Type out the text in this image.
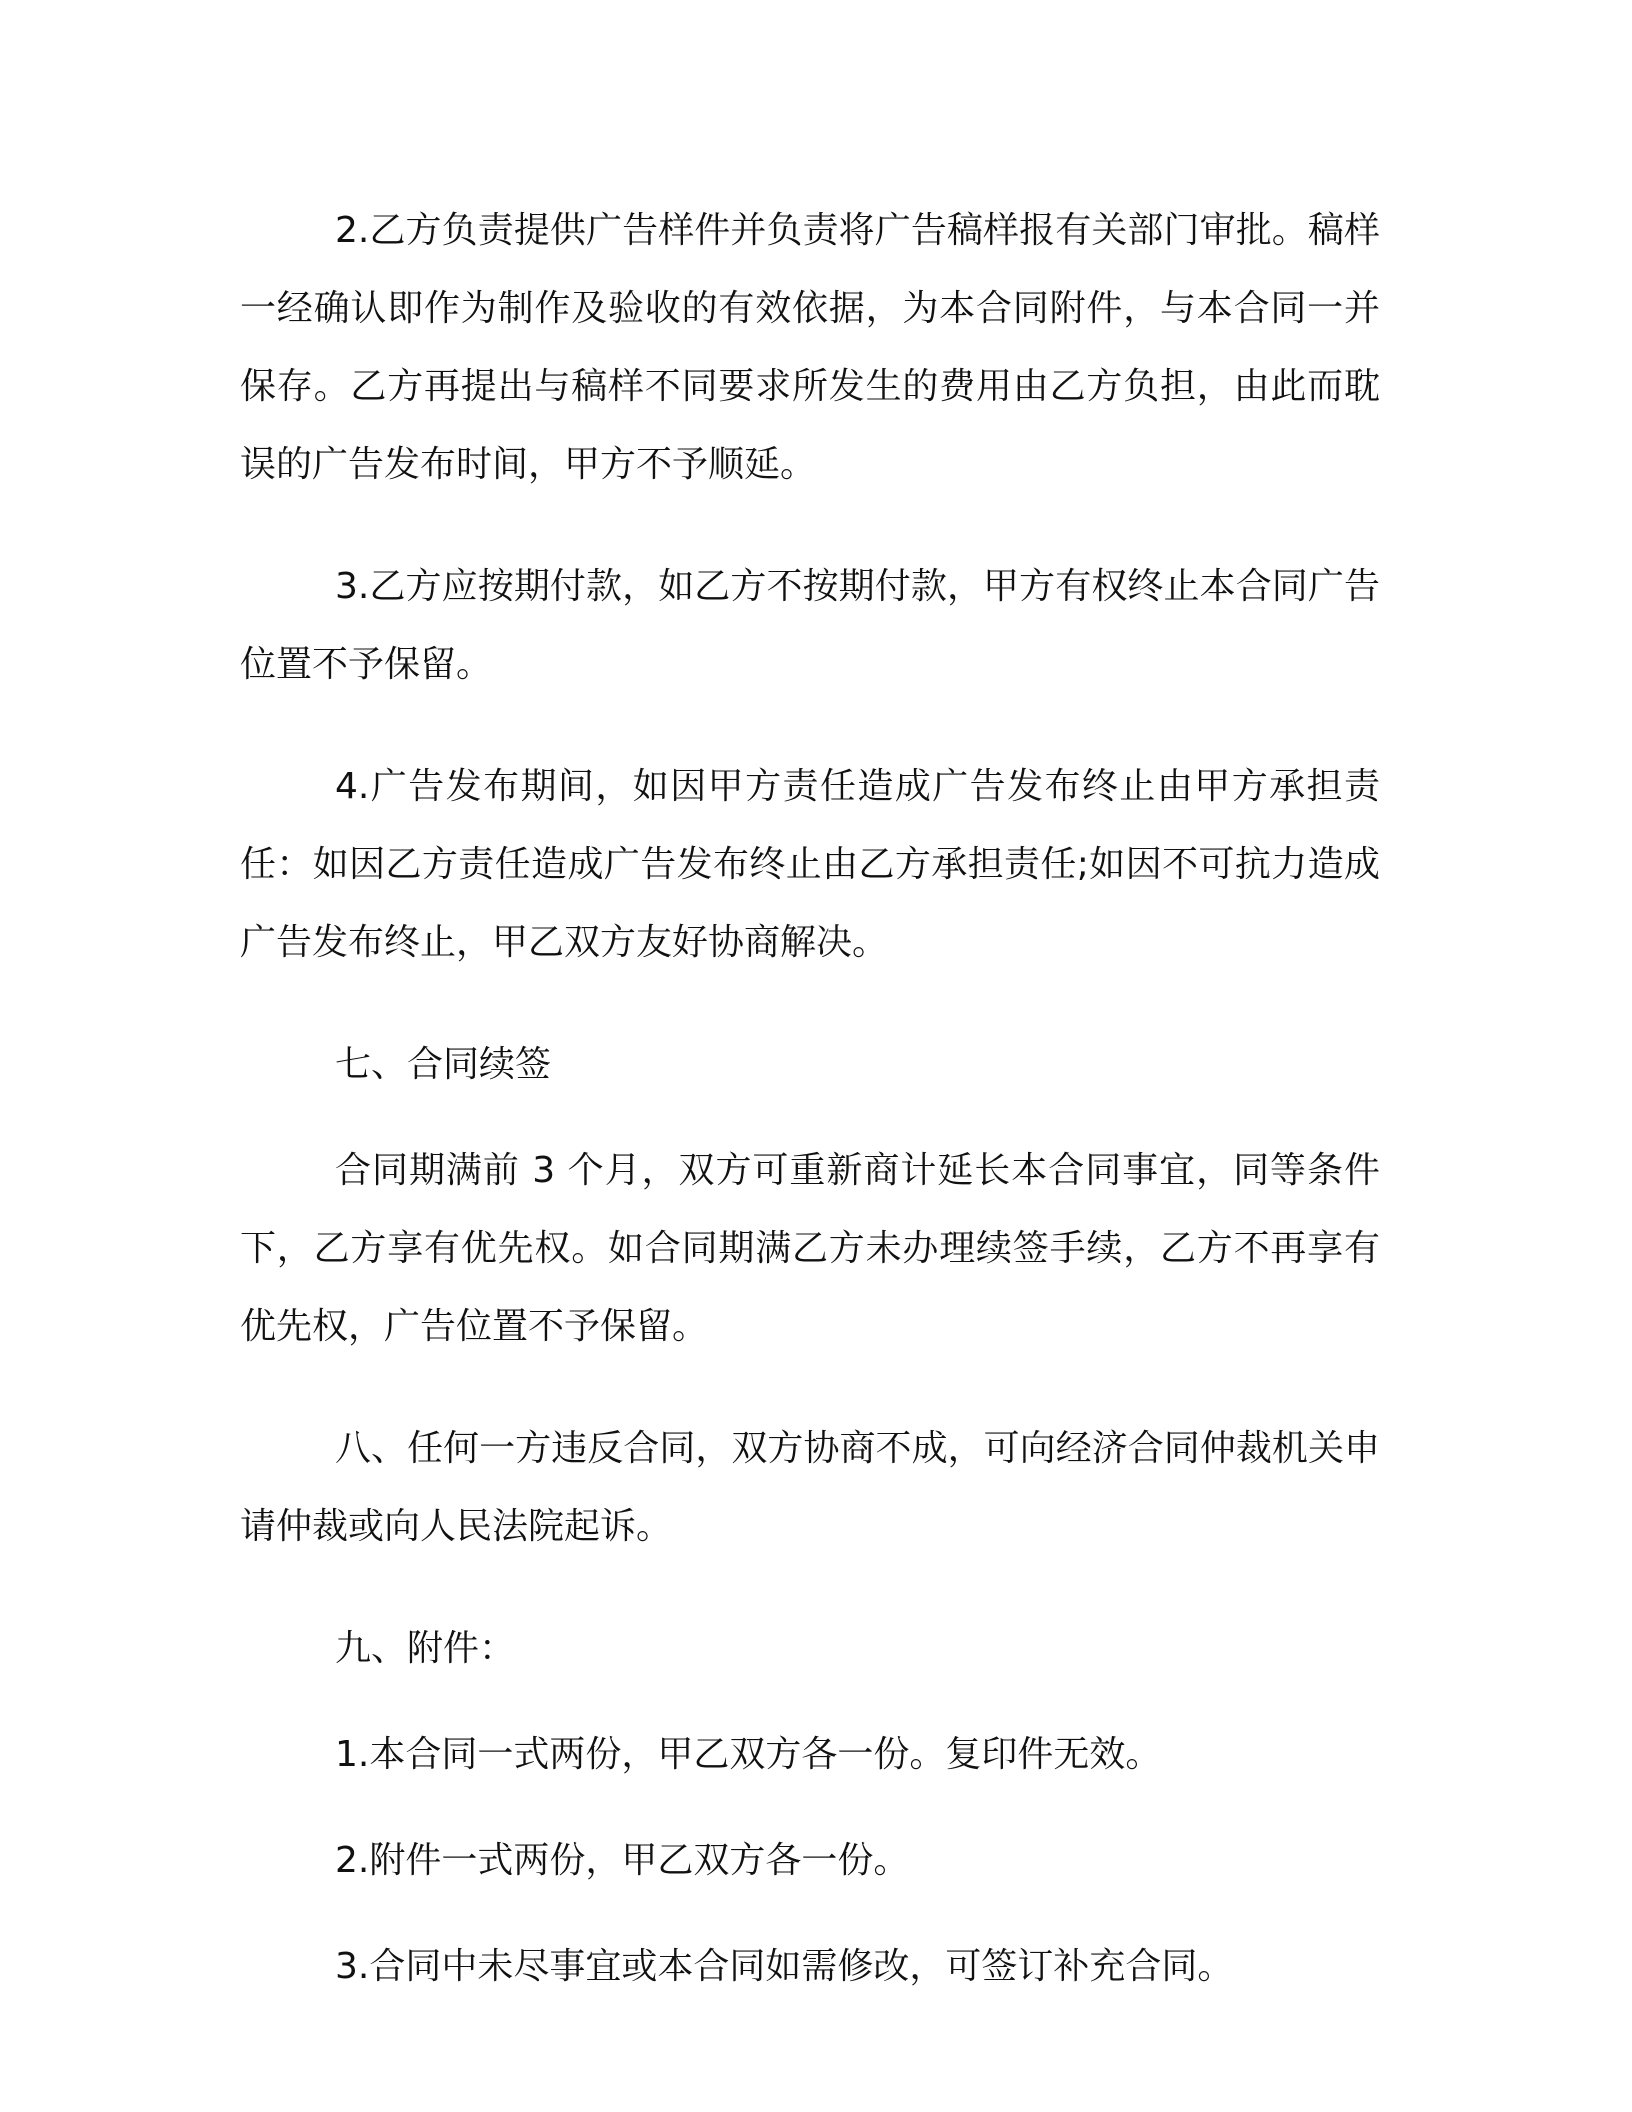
2.乙方负责提供广告样件并负责将广告稿样报有关部门审批。稿样一经确认即作为制作及验收的有效依据，为本合同附件，与本合同一并保存。乙方再提出与稿样不同要求所发生的费用由乙方负担，由此而耽误的广告发布时间，甲方不予顺延。

3.乙方应按期付款，如乙方不按期付款，甲方有权终止本合同广告位置不予保留。

4.广告发布期间，如因甲方责任造成广告发布终止由甲方承担责任：如因乙方责任造成广告发布终止由乙方承担责任;如因不可抗力造成广告发布终止，甲乙双方友好协商解决。

七、合同续签

合同期满前 3 个月，双方可重新商计延长本合同事宜，同等条件下，乙方享有优先权。如合同期满乙方未办理续签手续，乙方不再享有优先权，广告位置不予保留。

八、任何一方违反合同，双方协商不成，可向经济合同仲裁机关申请仲裁或向人民法院起诉。

九、附件：

1.本合同一式两份，甲乙双方各一份。复印件无效。

2.附件一式两份，甲乙双方各一份。

3.合同中未尽事宜或本合同如需修改，可签订补充合同。
